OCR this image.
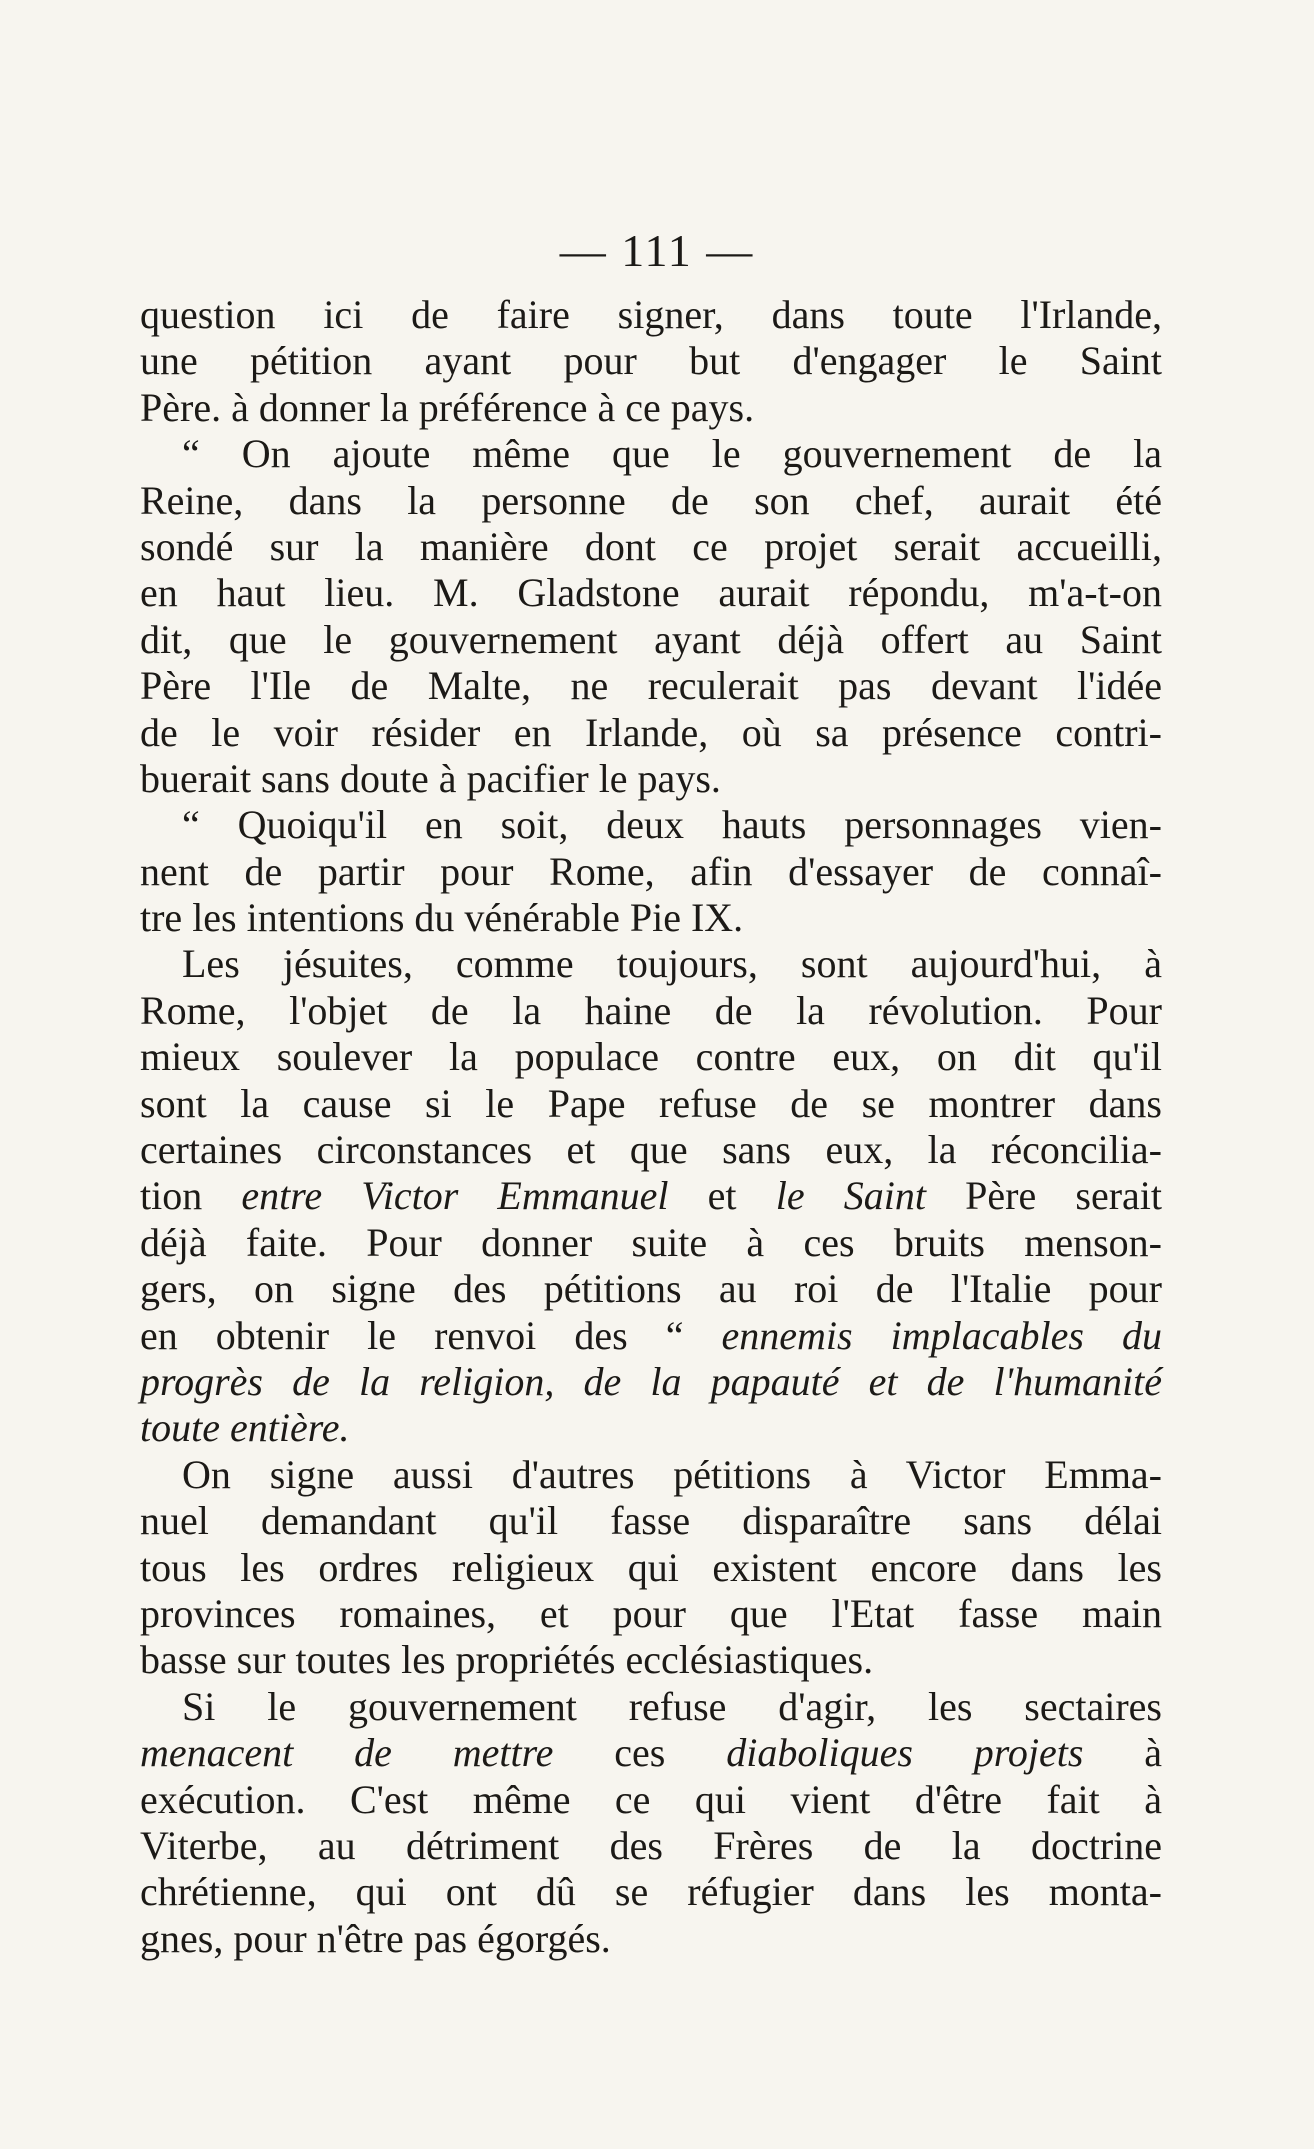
— 111 —
question ici de faire signer, dans toute l'Irlande,
une pétition ayant pour but d'engager le Saint
Père. à donner la préférence à ce pays.
“ On ajoute même que le gouvernement de la
Reine, dans la personne de son chef, aurait été
sondé sur la manière dont ce projet serait accueilli,
en haut lieu. M. Gladstone aurait répondu, m'a-t-on
dit, que le gouvernement ayant déjà offert au Saint
Père l'Ile de Malte, ne reculerait pas devant l'idée
de le voir résider en Irlande, où sa présence contri-
buerait sans doute à pacifier le pays.
“ Quoiqu'il en soit, deux hauts personnages vien-
nent de partir pour Rome, afin d'essayer de connaî-
tre les intentions du vénérable Pie IX.
Les jésuites, comme toujours, sont aujourd'hui, à
Rome, l'objet de la haine de la révolution. Pour
mieux soulever la populace contre eux, on dit qu'il
sont la cause si le Pape refuse de se montrer dans
certaines circonstances et que sans eux, la réconcilia-
tion entre Victor Emmanuel et le Saint Père serait
déjà faite. Pour donner suite à ces bruits menson-
gers, on signe des pétitions au roi de l'Italie pour
en obtenir le renvoi des “ ennemis implacables du
progrès de la religion, de la papauté et de l'humanité
toute entière.
On signe aussi d'autres pétitions à Victor Emma-
nuel demandant qu'il fasse disparaître sans délai
tous les ordres religieux qui existent encore dans les
provinces romaines, et pour que l'Etat fasse main
basse sur toutes les propriétés ecclésiastiques.
Si le gouvernement refuse d'agir, les sectaires
menacent de mettre ces diaboliques projets à
exécution. C'est même ce qui vient d'être fait à
Viterbe, au détriment des Frères de la doctrine
chrétienne, qui ont dû se réfugier dans les monta-
gnes, pour n'être pas égorgés.
